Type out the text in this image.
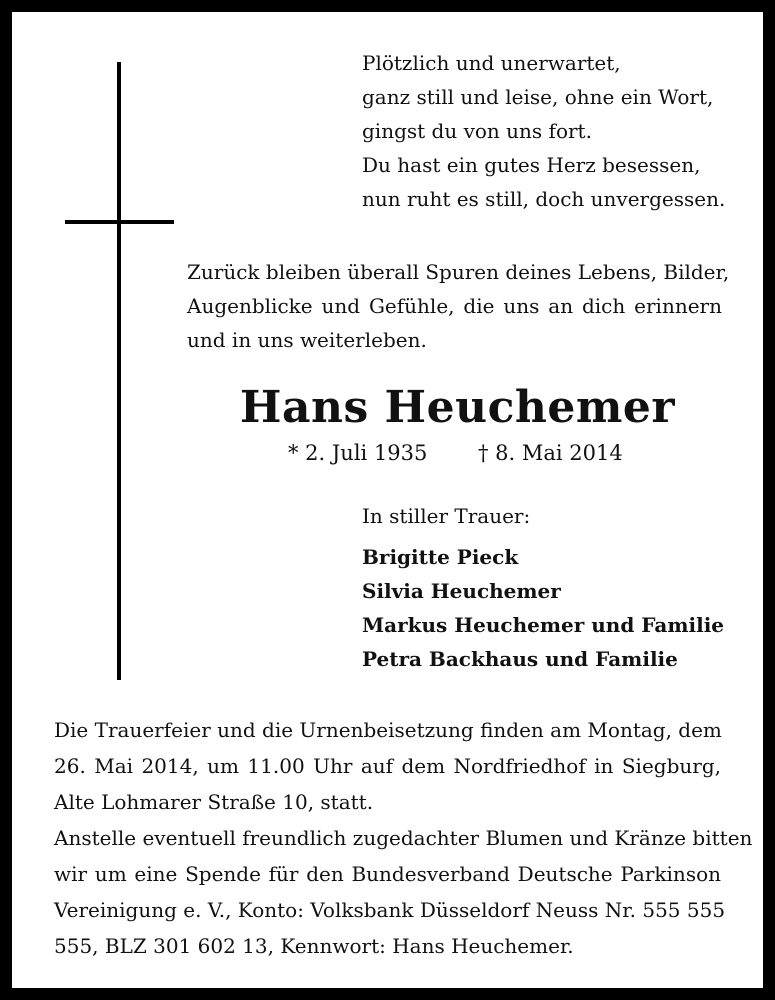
Plötzlich und unerwartet,
ganz still und leise, ohne ein Wort,
gingst du von uns fort.
Du hast ein gutes Herz besessen,
nun ruht es still, doch unvergessen.
Zurück bleiben überall Spuren deines Lebens, Bilder,
Augenblicke und Gefühle, die uns an dich erinnern
und in uns weiterleben.
Hans Heuchemer
* 2. Juli 1935 † 8. Mai 2014
In stiller Trauer:
Brigitte Pieck
Silvia Heuchemer
Markus Heuchemer und Familie
Petra Backhaus und Familie
Die Trauerfeier und die Urnenbeisetzung finden am Montag, dem
26. Mai 2014, um 11.00 Uhr auf dem Nordfriedhof in Siegburg,
Alte Lohmarer Straße 10, statt.
Anstelle eventuell freundlich zugedachter Blumen und Kränze bitten
wir um eine Spende für den Bundesverband Deutsche Parkinson
Vereinigung e. V., Konto: Volksbank Düsseldorf Neuss Nr. 555 555
555, BLZ 301 602 13, Kennwort: Hans Heuchemer.
